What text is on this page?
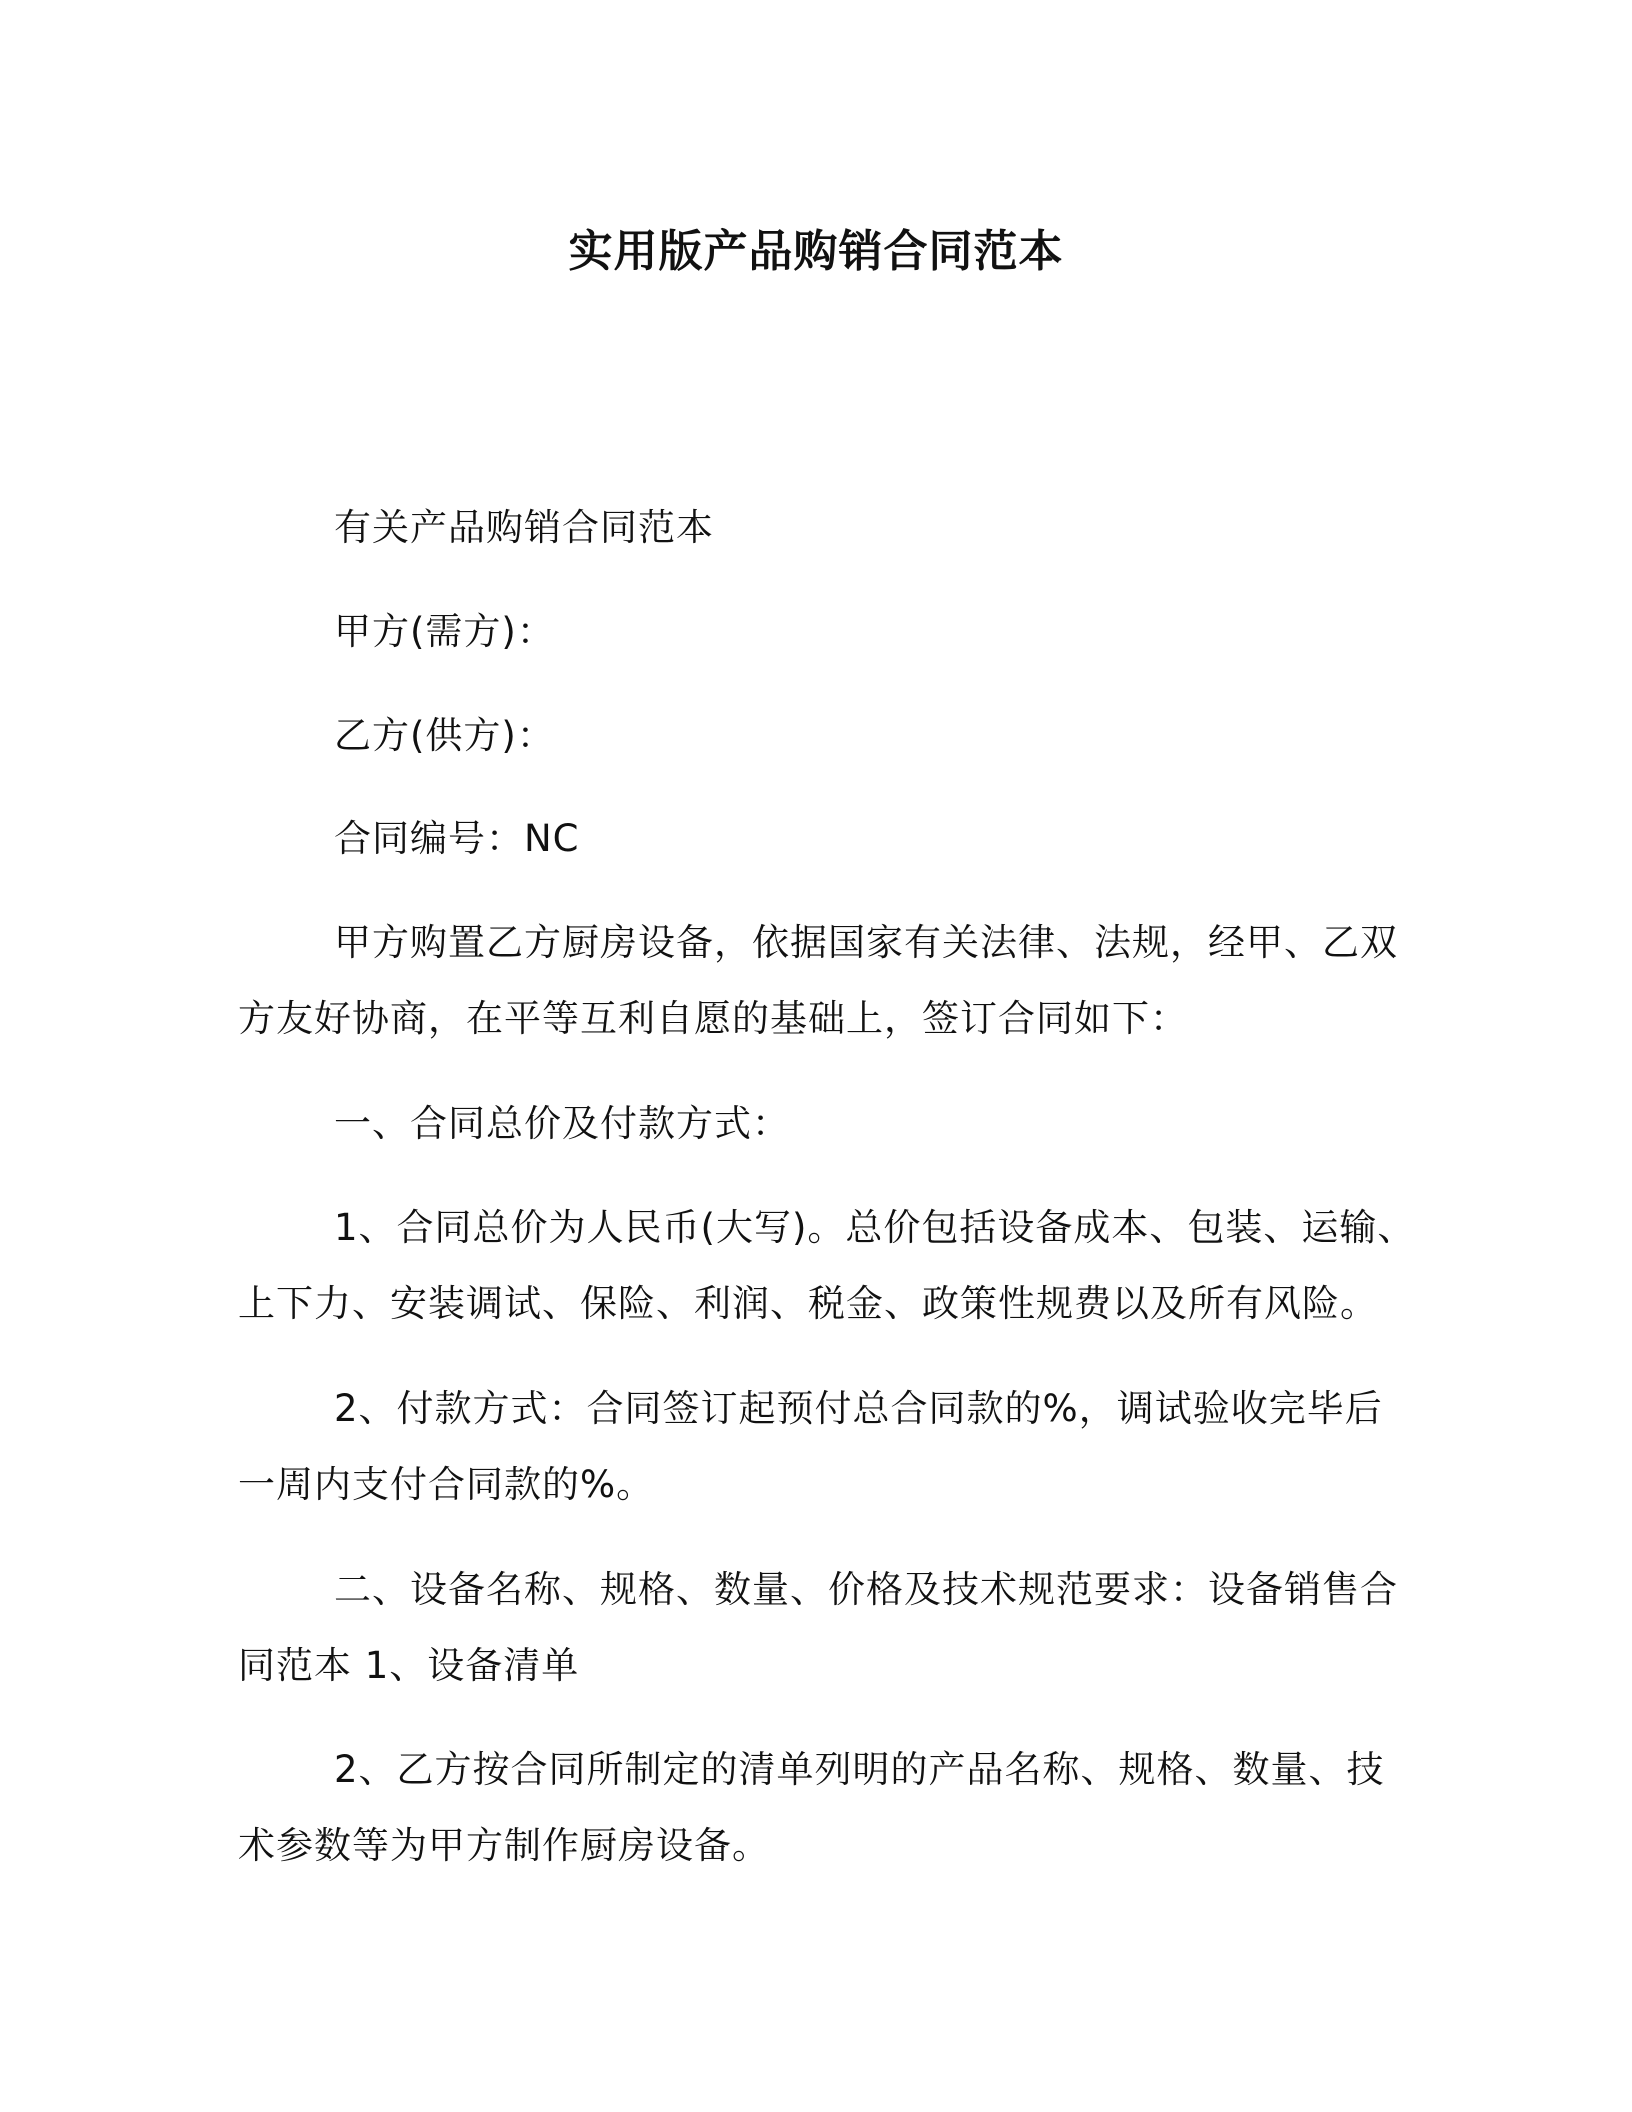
实用版产品购销合同范本
有关产品购销合同范本
甲方(需方)：
乙方(供方)：
合同编号：NC
甲方购置乙方厨房设备，依据国家有关法律、法规，经甲、乙双
方友好协商，在平等互利自愿的基础上，签订合同如下：
一、合同总价及付款方式：
1、合同总价为人民币(大写)。总价包括设备成本、包装、运输、
上下力、安装调试、保险、利润、税金、政策性规费以及所有风险。
2、付款方式：合同签订起预付总合同款的%，调试验收完毕后
一周内支付合同款的%。
二、设备名称、规格、数量、价格及技术规范要求：设备销售合
同范本 1、设备清单
2、乙方按合同所制定的清单列明的产品名称、规格、数量、技
术参数等为甲方制作厨房设备。
